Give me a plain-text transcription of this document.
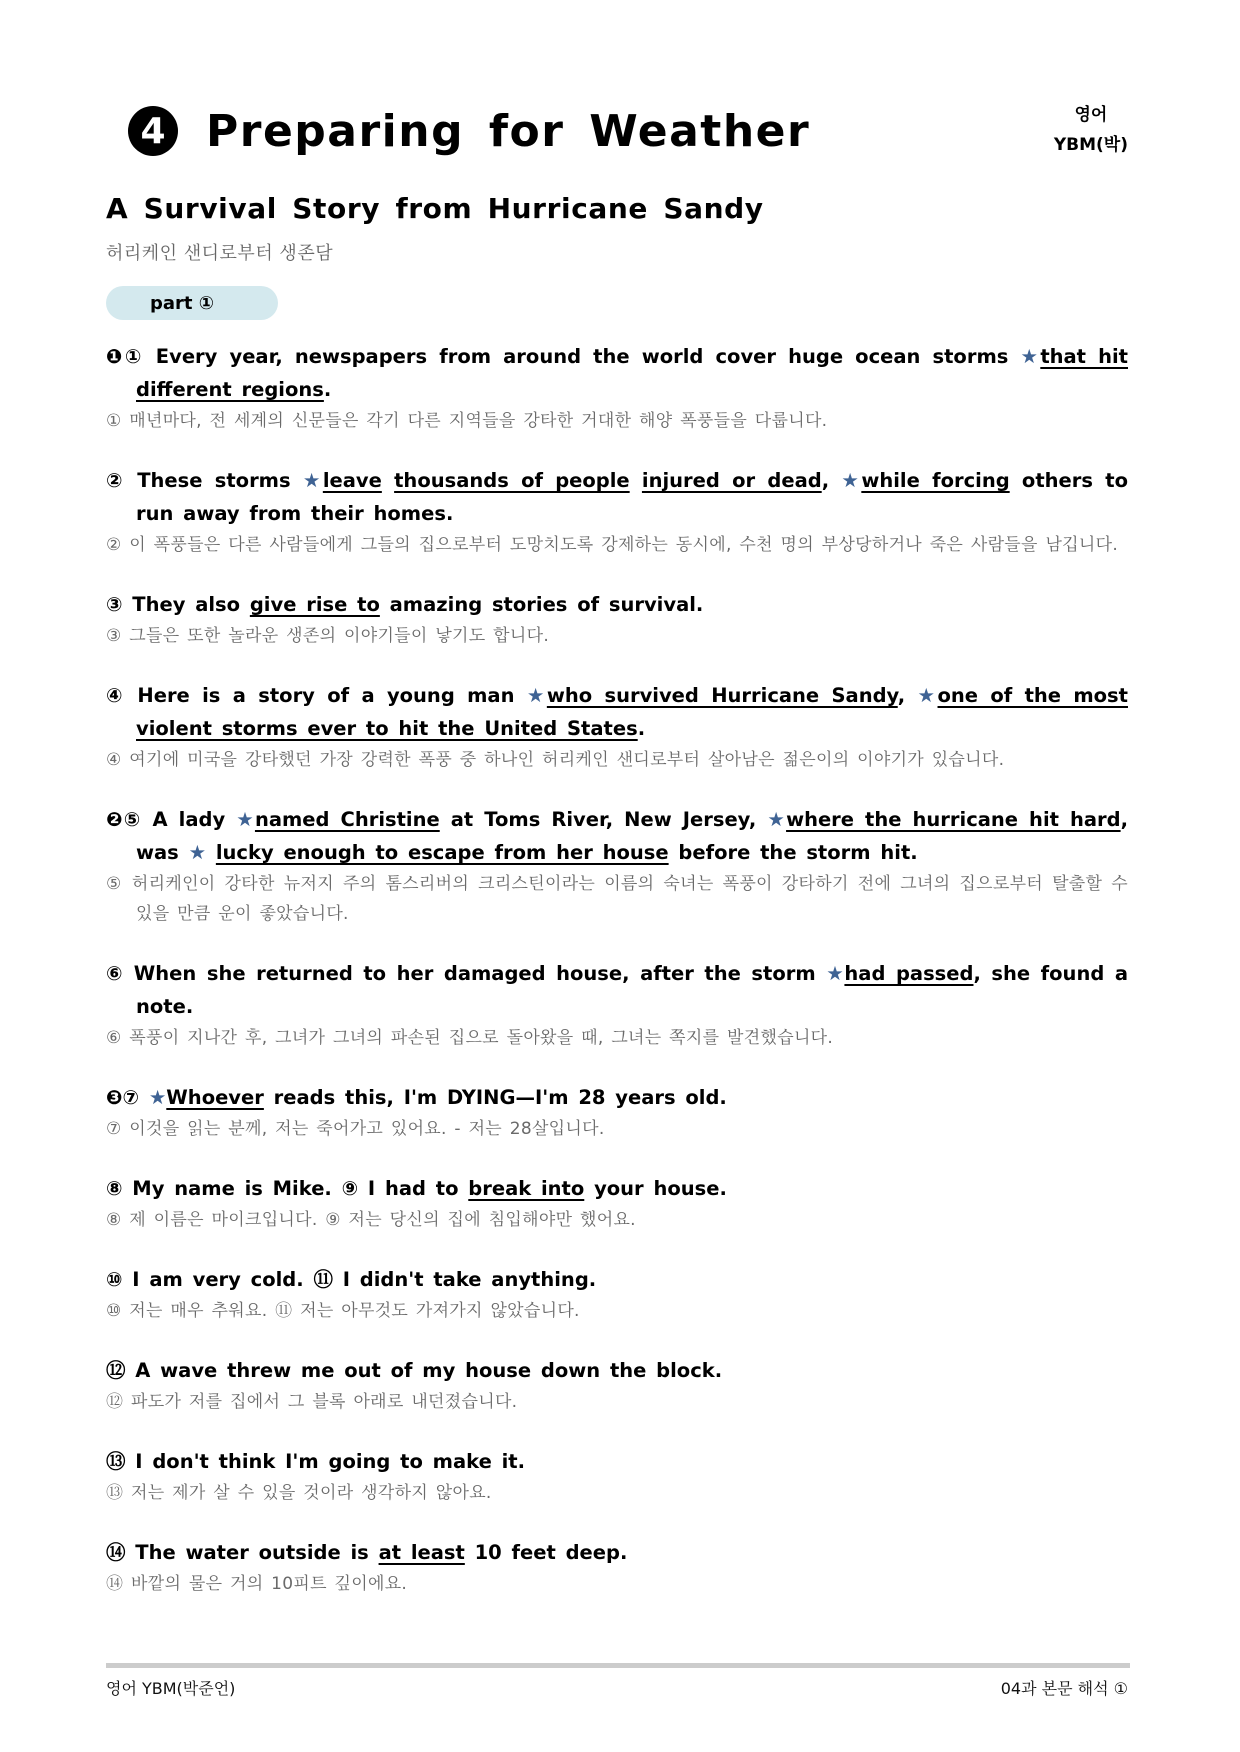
4 Preparing for Weather	영어
YBM(박)
A Survival Story from Hurricane Sandy
허리케인 샌디로부터 생존담
part ①
❶① Every year, newspapers from around the world cover huge ocean storms ★that hit different regions.
① 매년마다, 전 세계의 신문들은 각기 다른 지역들을 강타한 거대한 해양 폭풍들을 다룹니다.
② These storms ★leave thousands of people injured or dead, ★while forcing others to run away from their homes.
② 이 폭풍들은 다른 사람들에게 그들의 집으로부터 도망치도록 강제하는 동시에, 수천 명의 부상당하거나 죽은 사람들을 남깁니다.
③ They also give rise to amazing stories of survival.
③ 그들은 또한 놀라운 생존의 이야기들이 낳기도 합니다.
④ Here is a story of a young man ★who survived Hurricane Sandy, ★one of the most violent storms ever to hit the United States.
④ 여기에 미국을 강타했던 가장 강력한 폭풍 중 하나인 허리케인 샌디로부터 살아남은 젊은이의 이야기가 있습니다.
❷⑤ A lady ★named Christine at Toms River, New Jersey, ★where the hurricane hit hard, was ★ lucky enough to escape from her house before the storm hit.
⑤ 허리케인이 강타한 뉴저지 주의 톰스리버의 크리스틴이라는 이름의 숙녀는 폭풍이 강타하기 전에 그녀의 집으로부터 탈출할 수 있을 만큼 운이 좋았습니다.
⑥ When she returned to her damaged house, after the storm ★had passed, she found a note.
⑥ 폭풍이 지나간 후, 그녀가 그녀의 파손된 집으로 돌아왔을 때, 그녀는 쪽지를 발견했습니다.
❸⑦ ★Whoever reads this, I'm DYING—I'm 28 years old.
⑦ 이것을 읽는 분께, 저는 죽어가고 있어요. - 저는 28살입니다.
⑧ My name is Mike. ⑨ I had to break into your house.
⑧ 제 이름은 마이크입니다. ⑨ 저는 당신의 집에 침입해야만 했어요.
⑩ I am very cold. ⑪ I didn't take anything.
⑩ 저는 매우 추워요. ⑪ 저는 아무것도 가져가지 않았습니다.
⑫ A wave threw me out of my house down the block.
⑫ 파도가 저를 집에서 그 블록 아래로 내던졌습니다.
⑬ I don't think I'm going to make it.
⑬ 저는 제가 살 수 있을 것이라 생각하지 않아요.
⑭ The water outside is at least 10 feet deep.
⑭ 바깥의 물은 거의 10피트 깊이에요.
영어 YBM(박준언)	04과 본문 해석 ①
